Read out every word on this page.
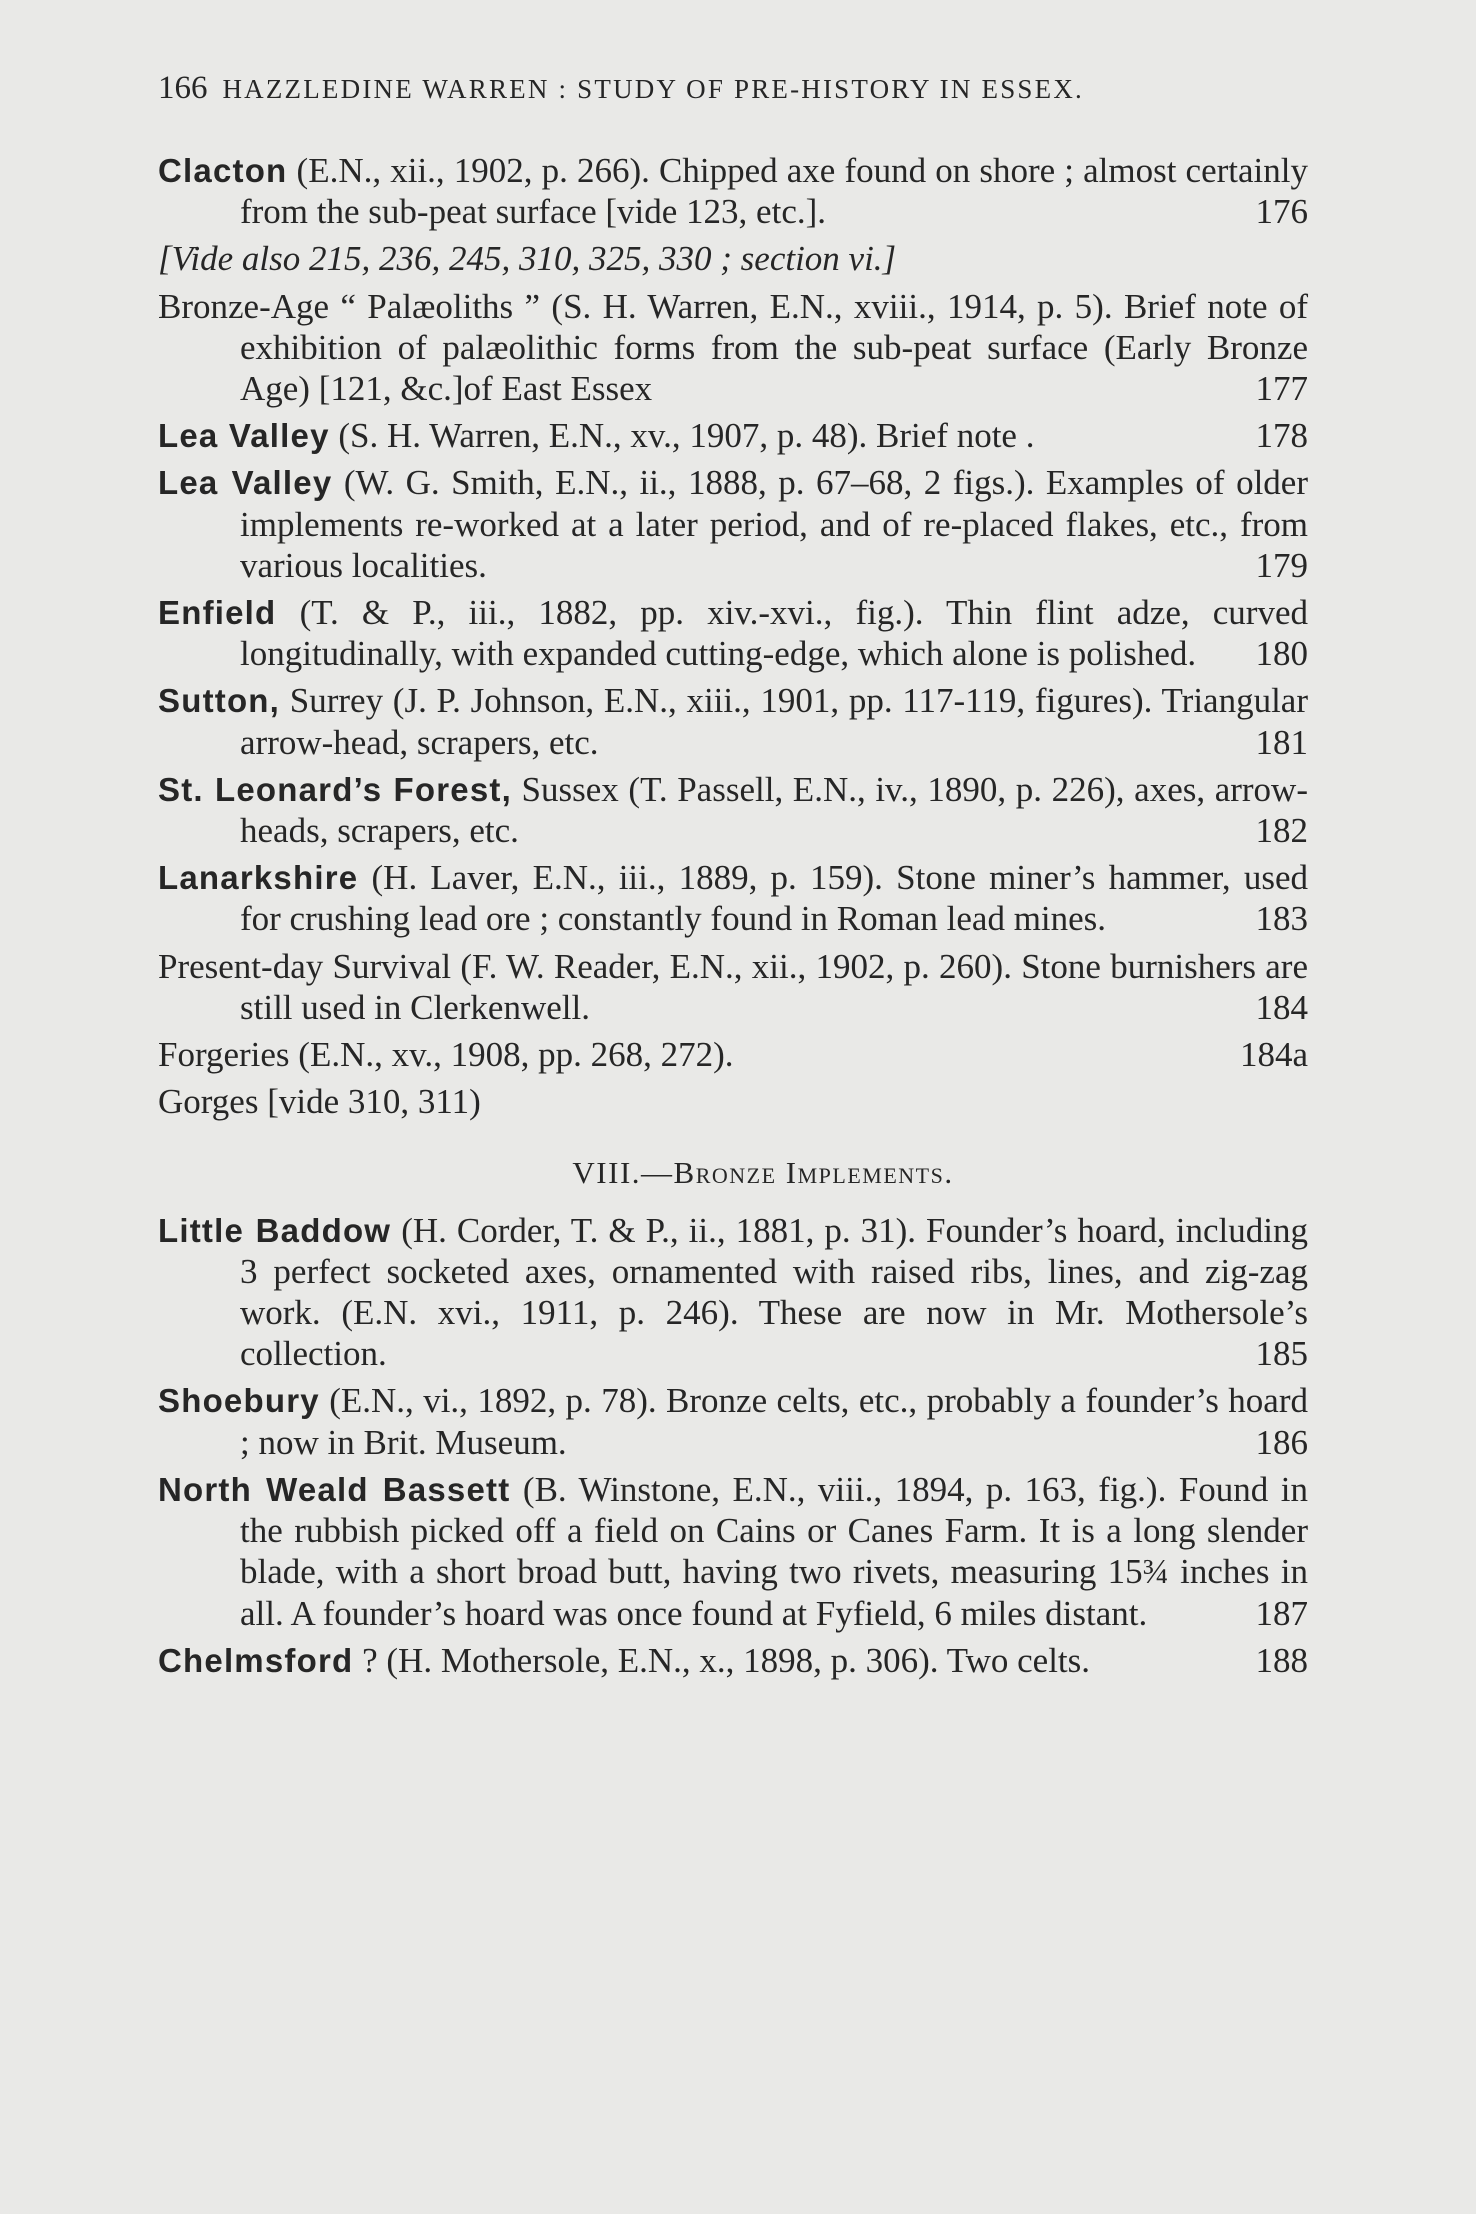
166 HAZZLEDINE WARREN : STUDY OF PRE-HISTORY IN ESSEX.
Clacton (E.N., xii., 1902, p. 266). Chipped axe found on shore ; almost certainly from the sub-peat surface [vide 123, etc.].	176
[Vide also 215, 236, 245, 310, 325, 330 ; section vi.]
Bronze-Age “ Palæoliths ” (S. H. Warren, E.N., xviii., 1914, p. 5). Brief note of exhibition of palæolithic forms from the sub-peat surface (Early Bronze Age) [121, &c.]of East Essex	177
Lea Valley (S. H. Warren, E.N., xv., 1907, p. 48). Brief note .	178
Lea Valley (W. G. Smith, E.N., ii., 1888, p. 67–68, 2 figs.). Examples of older implements re-worked at a later period, and of re-placed flakes, etc., from various localities.	179
Enfield (T. & P., iii., 1882, pp. xiv.-xvi., fig.). Thin flint adze, curved longitudinally, with expanded cutting-edge, which alone is polished.	180
Sutton, Surrey (J. P. Johnson, E.N., xiii., 1901, pp. 117-119, figures). Triangular arrow-head, scrapers, etc.	181
St. Leonard’s Forest, Sussex (T. Passell, E.N., iv., 1890, p. 226), axes, arrow-heads, scrapers, etc.	182
Lanarkshire (H. Laver, E.N., iii., 1889, p. 159). Stone miner’s hammer, used for crushing lead ore ; constantly found in Roman lead mines.	183
Present-day Survival (F. W. Reader, E.N., xii., 1902, p. 260). Stone burnishers are still used in Clerkenwell.	184
Forgeries (E.N., xv., 1908, pp. 268, 272).	184a
Gorges [vide 310, 311)
VIII.—Bronze Implements.
Little Baddow (H. Corder, T. & P., ii., 1881, p. 31). Founder’s hoard, including 3 perfect socketed axes, ornamented with raised ribs, lines, and zig-zag work. (E.N. xvi., 1911, p. 246). These are now in Mr. Mothersole’s collection.	185
Shoebury (E.N., vi., 1892, p. 78). Bronze celts, etc., probably a founder’s hoard ; now in Brit. Museum.	186
North Weald Bassett (B. Winstone, E.N., viii., 1894, p. 163, fig.). Found in the rubbish picked off a field on Cains or Canes Farm. It is a long slender blade, with a short broad butt, having two rivets, measuring 15¾ inches in all. A founder’s hoard was once found at Fyfield, 6 miles distant.	187
Chelmsford ? (H. Mothersole, E.N., x., 1898, p. 306). Two celts.	188
